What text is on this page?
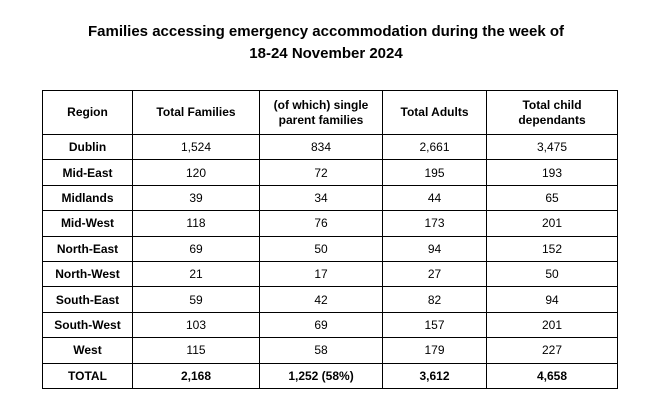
Families accessing emergency accommodation during the week of
18-24 November 2024
Region	Total Families	(of which) single parent families	Total Adults	Total child dependants
Dublin	1,524	834	2,661	3,475
Mid-East	120	72	195	193
Midlands	39	34	44	65
Mid-West	118	76	173	201
North-East	69	50	94	152
North-West	21	17	27	50
South-East	59	42	82	94
South-West	103	69	157	201
West	115	58	179	227
TOTAL	2,168	1,252 (58%)	3,612	4,658
